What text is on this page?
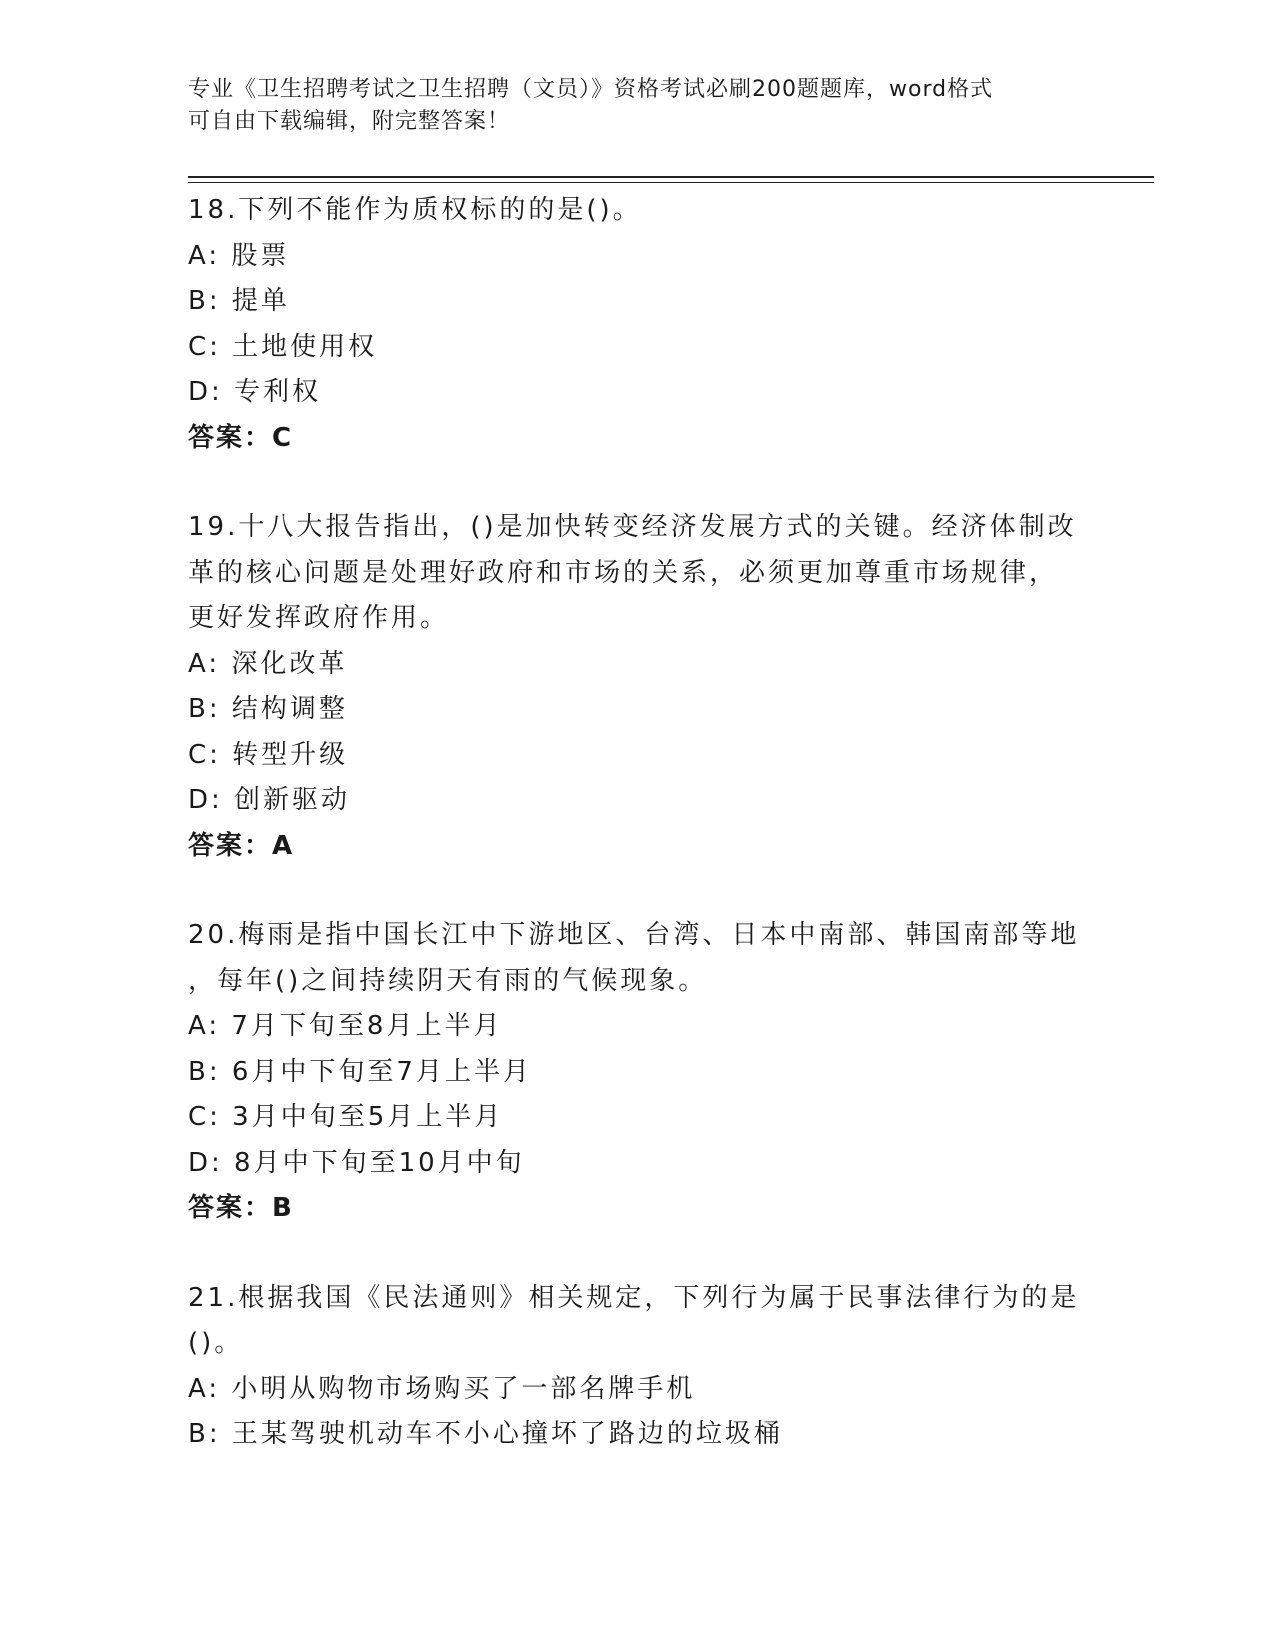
专业《卫生招聘考试之卫生招聘（文员）》资格考试必刷200题题库，word格式
可自由下载编辑，附完整答案！
18.下列不能作为质权标的的是()。
A: 股票
B: 提单
C: 土地使用权
D: 专利权
答案：C
19.十八大报告指出，()是加快转变经济发展方式的关键。经济体制改
革的核心问题是处理好政府和市场的关系，必须更加尊重市场规律，
更好发挥政府作用。
A: 深化改革
B: 结构调整
C: 转型升级
D: 创新驱动
答案：A
20.梅雨是指中国长江中下游地区、台湾、日本中南部、韩国南部等地
，每年()之间持续阴天有雨的气候现象。
A: 7月下旬至8月上半月
B: 6月中下旬至7月上半月
C: 3月中旬至5月上半月
D: 8月中下旬至10月中旬
答案：B
21.根据我国《民法通则》相关规定，下列行为属于民事法律行为的是
()。
A: 小明从购物市场购买了一部名牌手机
B: 王某驾驶机动车不小心撞坏了路边的垃圾桶
